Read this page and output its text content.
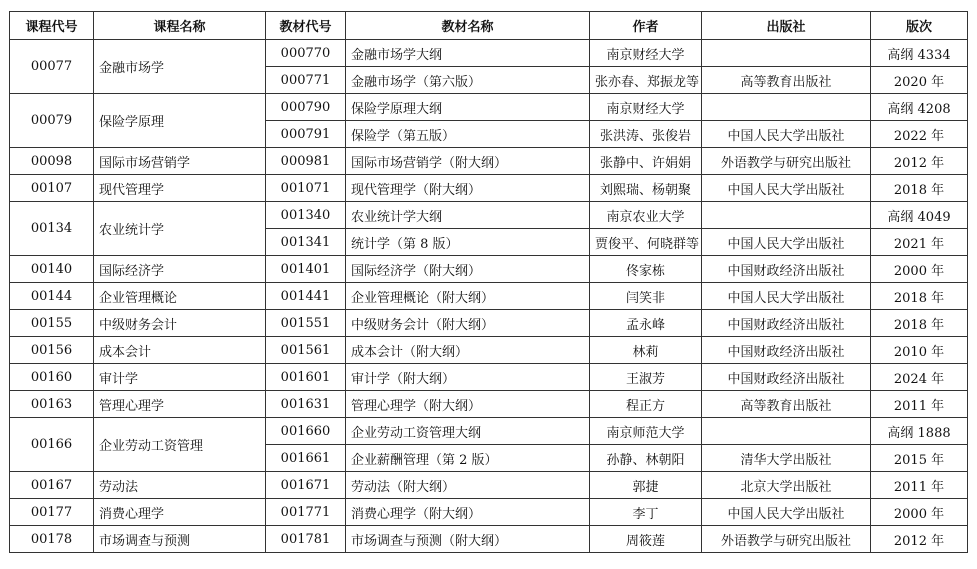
课程代号	课程名称	教材代号	教材名称	作者	出版社	版次
00077	金融市场学	000770	金融市场学大纲	南京财经大学		高纲 4334
		000771	金融市场学（第六版）	张亦春、郑振龙等	高等教育出版社	2020 年
00079	保险学原理	000790	保险学原理大纲	南京财经大学		高纲 4208
		000791	保险学（第五版）	张洪涛、张俊岩	中国人民大学出版社	2022 年
00098	国际市场营销学	000981	国际市场营销学（附大纲）	张静中、许娟娟	外语教学与研究出版社	2012 年
00107	现代管理学	001071	现代管理学（附大纲）	刘熙瑞、杨朝聚	中国人民大学出版社	2018 年
00134	农业统计学	001340	农业统计学大纲	南京农业大学		高纲 4049
		001341	统计学（第 8 版）	贾俊平、何晓群等	中国人民大学出版社	2021 年
00140	国际经济学	001401	国际经济学（附大纲）	佟家栋	中国财政经济出版社	2000 年
00144	企业管理概论	001441	企业管理概论（附大纲）	闫笑非	中国人民大学出版社	2018 年
00155	中级财务会计	001551	中级财务会计（附大纲）	孟永峰	中国财政经济出版社	2018 年
00156	成本会计	001561	成本会计（附大纲）	林莉	中国财政经济出版社	2010 年
00160	审计学	001601	审计学（附大纲）	王淑芳	中国财政经济出版社	2024 年
00163	管理心理学	001631	管理心理学（附大纲）	程正方	高等教育出版社	2011 年
00166	企业劳动工资管理	001660	企业劳动工资管理大纲	南京师范大学		高纲 1888
		001661	企业薪酬管理（第 2 版）	孙静、林朝阳	清华大学出版社	2015 年
00167	劳动法	001671	劳动法（附大纲）	郭捷	北京大学出版社	2011 年
00177	消费心理学	001771	消费心理学（附大纲）	李丁	中国人民大学出版社	2000 年
00178	市场调查与预测	001781	市场调查与预测（附大纲）	周筱莲	外语教学与研究出版社	2012 年
